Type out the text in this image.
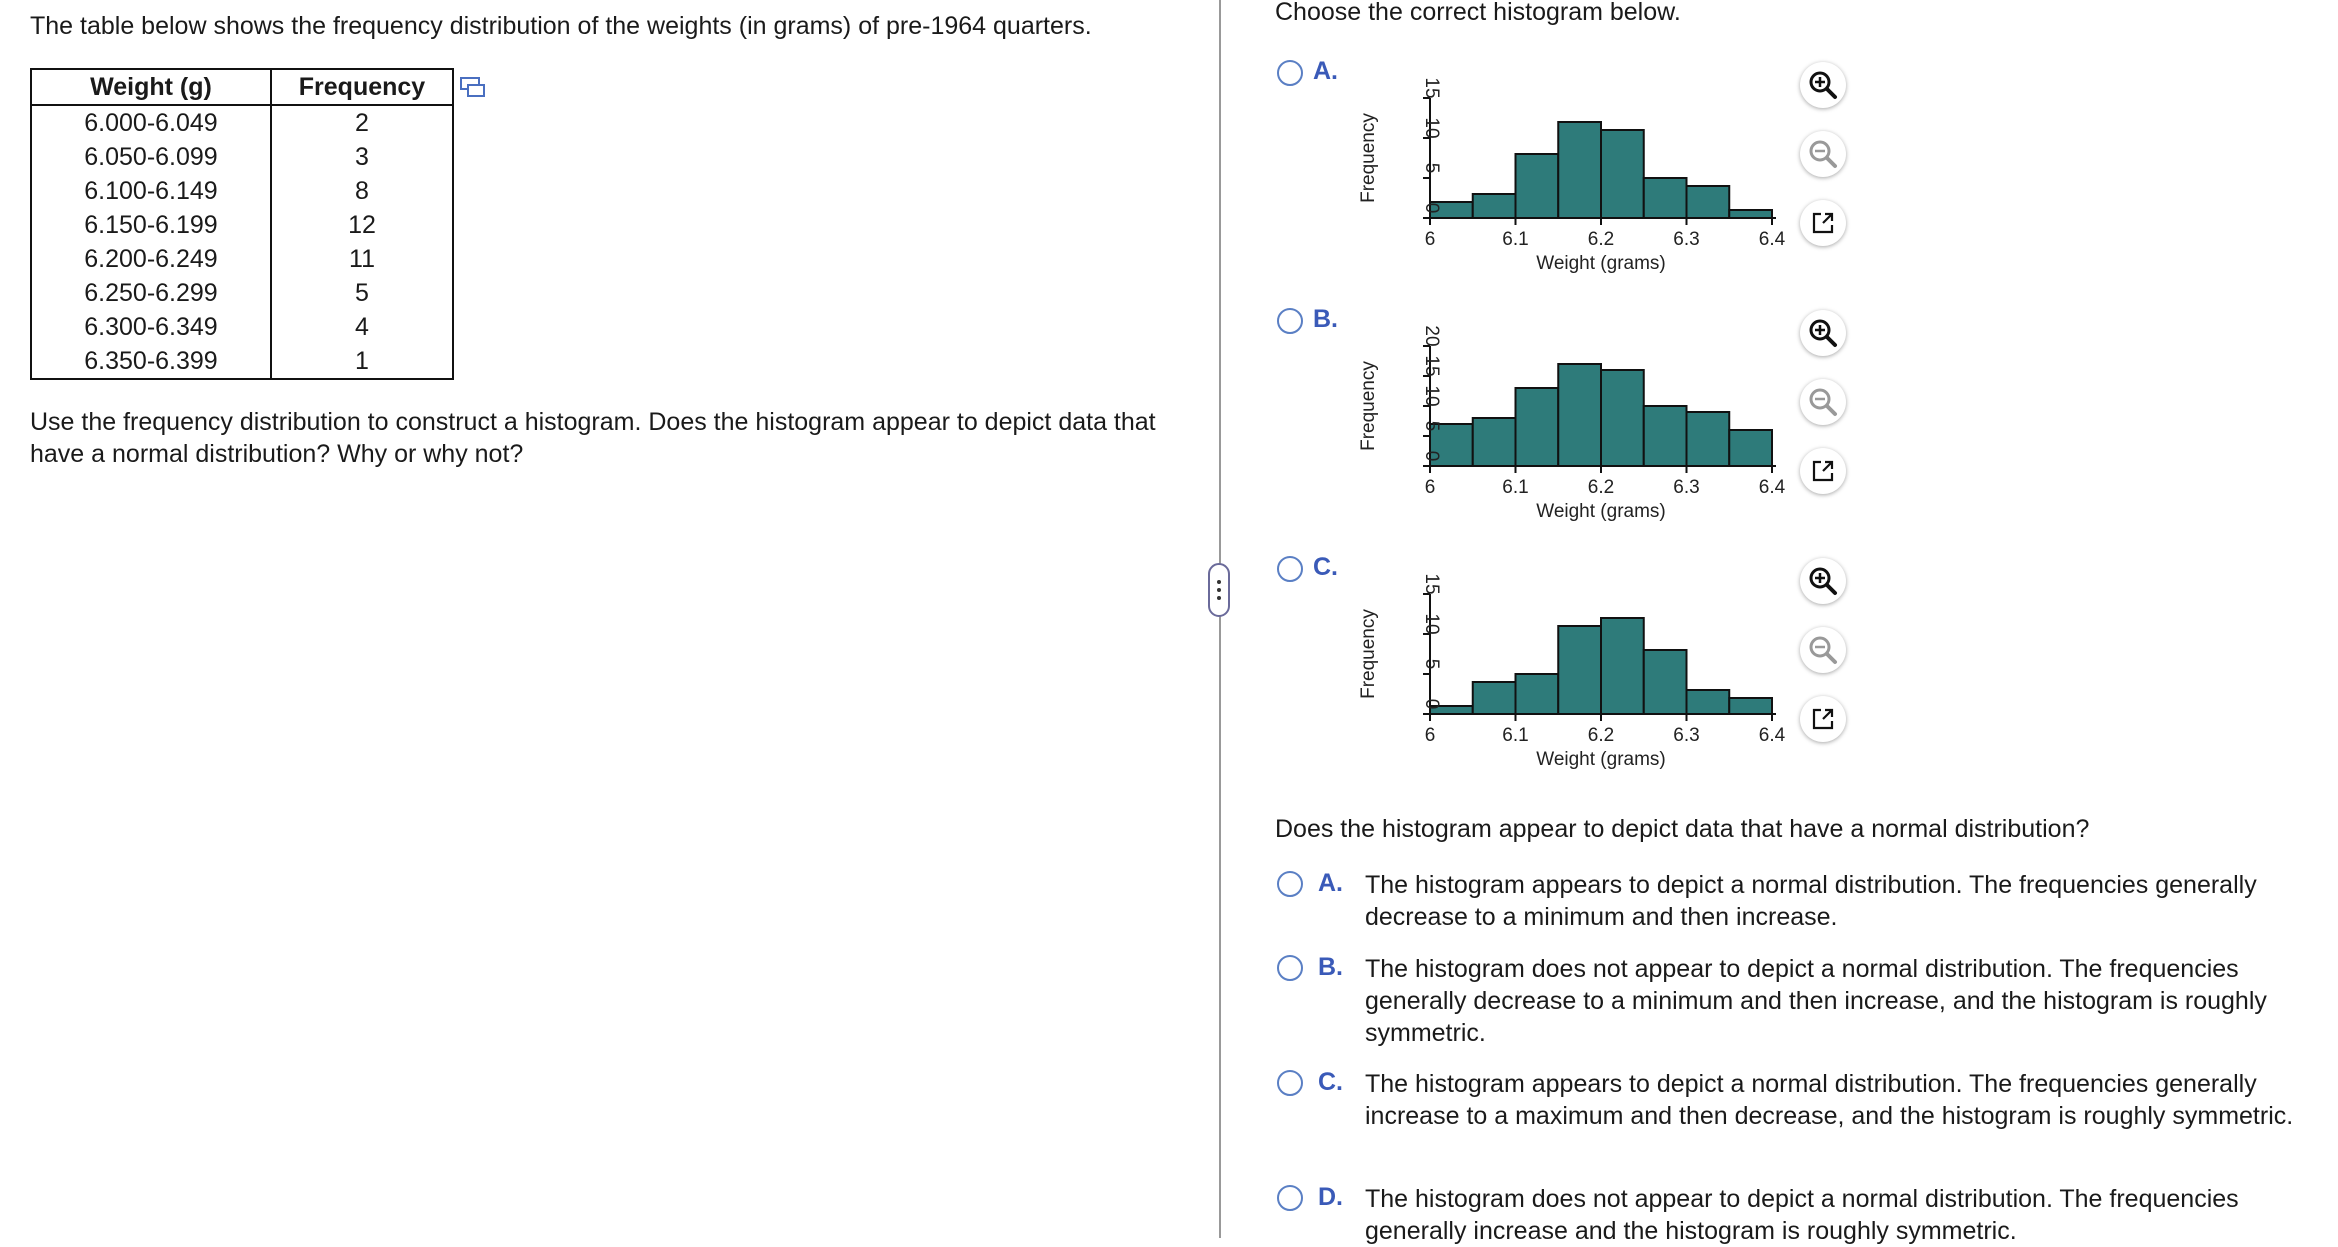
The table below shows the frequency distribution of the weights (in grams) of pre-1964 quarters.
Weight (g)	Frequency
6.000-6.049	2
6.050-6.099	3
6.100-6.149	8
6.150-6.199	12
6.200-6.249	11
6.250-6.299	5
6.300-6.349	4
6.350-6.399	1
Use the frequency distribution to construct a histogram. Does the histogram appear to depict data that have a normal distribution? Why or why not?
Choose the correct histogram below.
A.
15
10
5
0
6	6.1	6.2	6.3	6.4
Frequency
Weight (grams)
B.
20
15
10
5
0
6	6.1	6.2	6.3	6.4
Frequency
Weight (grams)
C.
15
10
5
0
6	6.1	6.2	6.3	6.4
Frequency
Weight (grams)
Does the histogram appear to depict data that have a normal distribution?
A. The histogram appears to depict a normal distribution. The frequencies generally decrease to a minimum and then increase.
B. The histogram does not appear to depict a normal distribution. The frequencies generally decrease to a minimum and then increase, and the histogram is roughly symmetric.
C. The histogram appears to depict a normal distribution. The frequencies generally increase to a maximum and then decrease, and the histogram is roughly symmetric.
D. The histogram does not appear to depict a normal distribution. The frequencies generally increase and the histogram is roughly symmetric.
